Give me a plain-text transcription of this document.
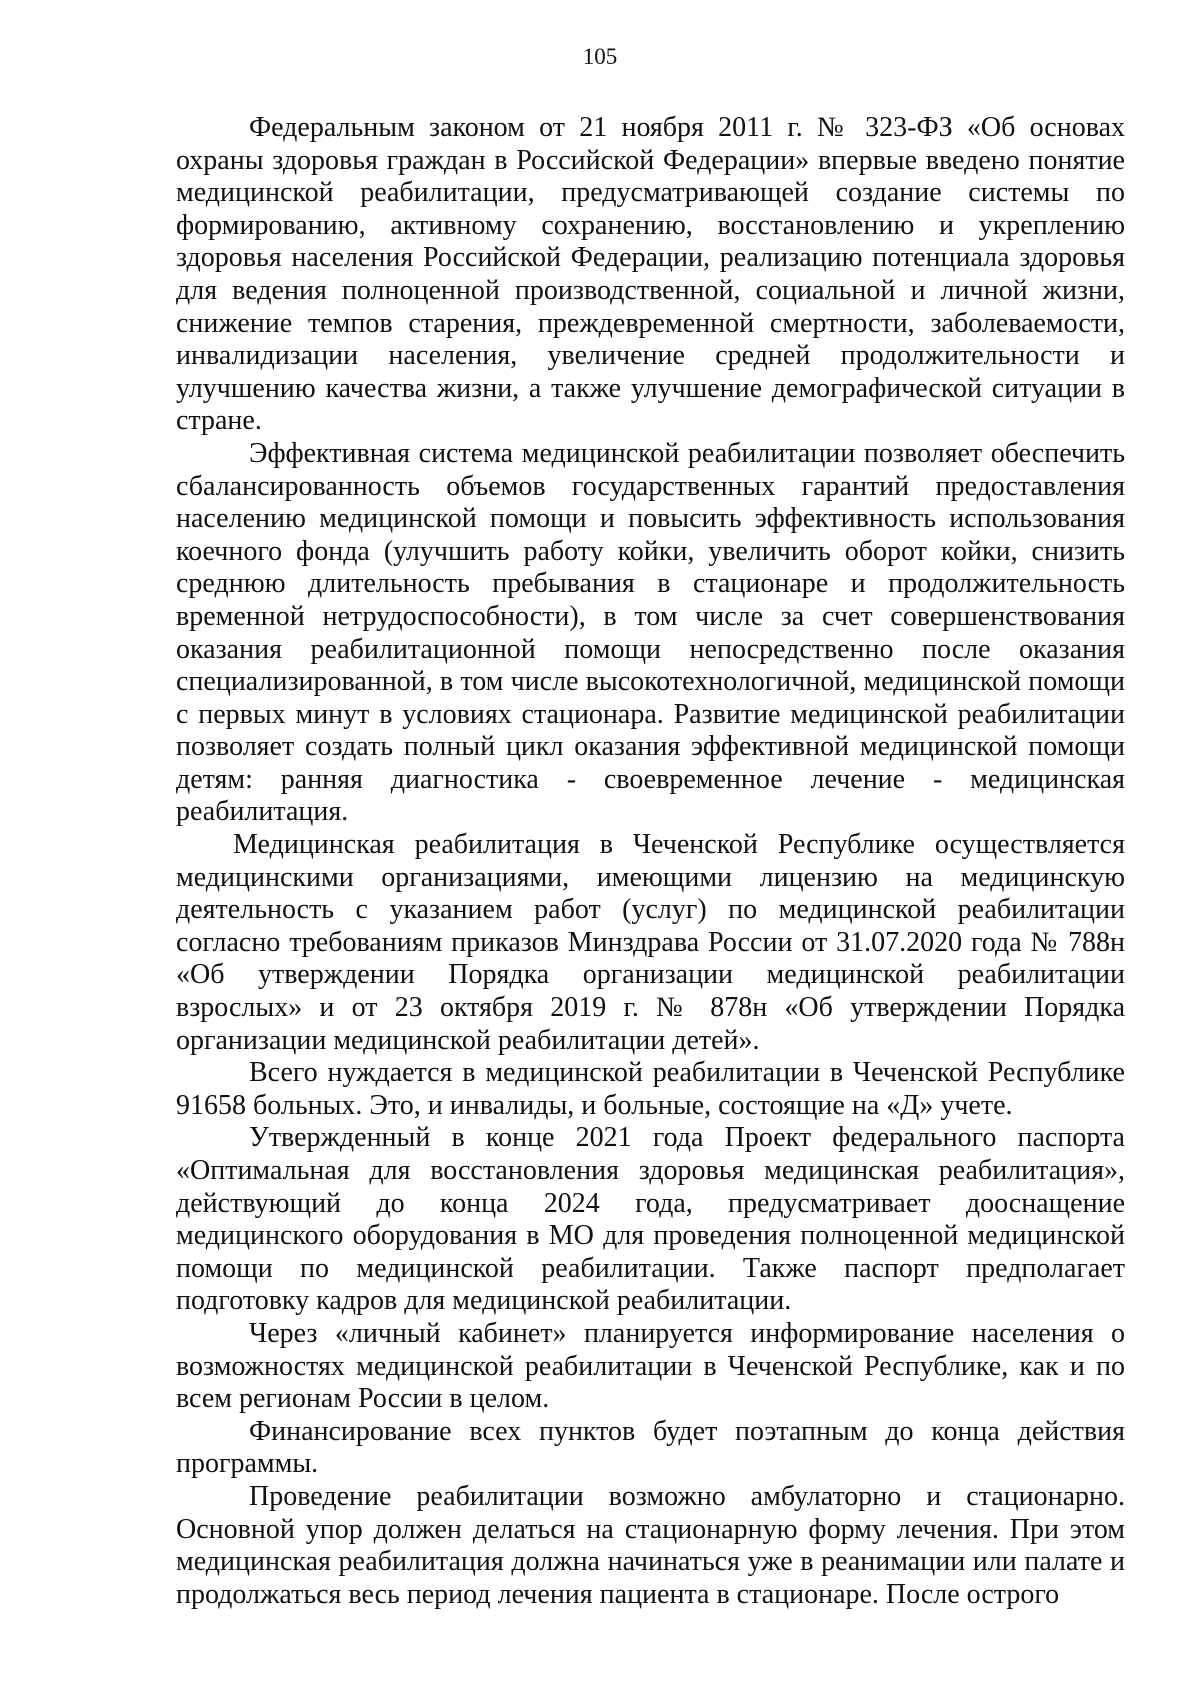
105

Федеральным законом от 21 ноября 2011 г. № 323-ФЗ «Об основах охраны здоровья граждан в Российской Федерации» впервые введено понятие медицинской реабилитации, предусматривающей создание системы по формированию, активному сохранению, восстановлению и укреплению здоровья населения Российской Федерации, реализацию потенциала здоровья для ведения полноценной производственной, социальной и личной жизни, снижение темпов старения, преждевременной смертности, заболеваемости, инвалидизации населения, увеличение средней продолжительности и улучшению качества жизни, а также улучшение демографической ситуации в стране.

Эффективная система медицинской реабилитации позволяет обеспечить сбалансированность объемов государственных гарантий предоставления населению медицинской помощи и повысить эффективность использования коечного фонда (улучшить работу койки, увеличить оборот койки, снизить среднюю длительность пребывания в стационаре и продолжительность временной нетрудоспособности), в том числе за счет совершенствования оказания реабилитационной помощи непосредственно после оказания специализированной, в том числе высокотехнологичной, медицинской помощи с первых минут в условиях стационара. Развитие медицинской реабилитации позволяет создать полный цикл оказания эффективной медицинской помощи детям: ранняя диагностика - своевременное лечение - медицинская реабилитация.

Медицинская реабилитация в Чеченской Республике осуществляется медицинскими организациями, имеющими лицензию на медицинскую деятельность с указанием работ (услуг) по медицинской реабилитации согласно требованиям приказов Минздрава России от 31.07.2020 года № 788н «Об утверждении Порядка организации медицинской реабилитации взрослых» и от 23 октября 2019 г. № 878н «Об утверждении Порядка организации медицинской реабилитации детей».

Всего нуждается в медицинской реабилитации в Чеченской Республике 91658 больных. Это, и инвалиды, и больные, состоящие на «Д» учете.

Утвержденный в конце 2021 года Проект федерального паспорта «Оптимальная для восстановления здоровья медицинская реабилитация», действующий до конца 2024 года, предусматривает дооснащение медицинского оборудования в МО для проведения полноценной медицинской помощи по медицинской реабилитации. Также паспорт предполагает подготовку кадров для медицинской реабилитации.

Через «личный кабинет» планируется информирование населения о возможностях медицинской реабилитации в Чеченской Республике, как и по всем регионам России в целом.

Финансирование всех пунктов будет поэтапным до конца действия программы.

Проведение реабилитации возможно амбулаторно и стационарно. Основной упор должен делаться на стационарную форму лечения. При этом медицинская реабилитация должна начинаться уже в реанимации или палате и продолжаться весь период лечения пациента в стационаре. После острого
